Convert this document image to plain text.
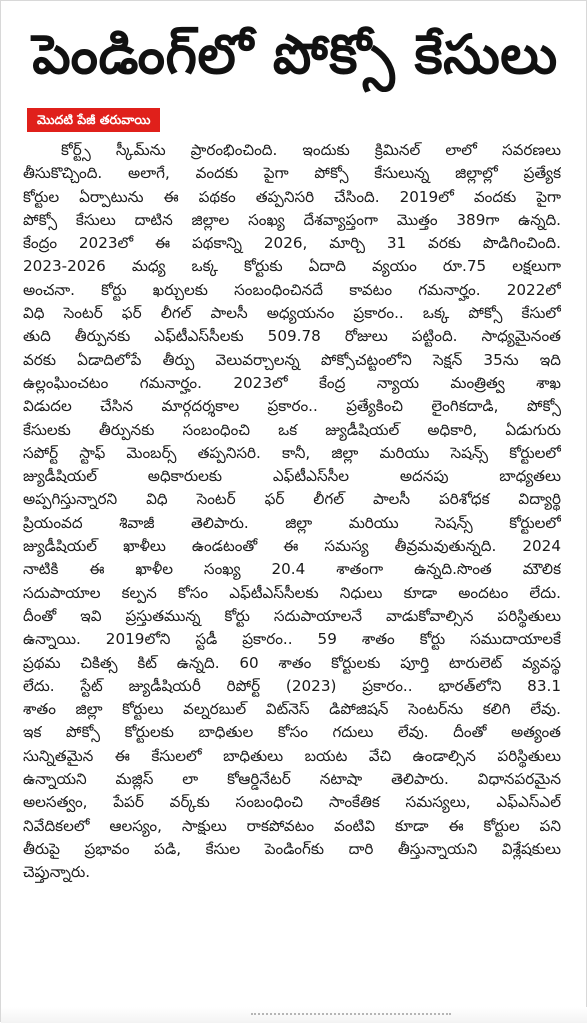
పెండింగ్‌లో పోక్సో కేసులు
మొదటి పేజీ తరువాయి
కోర్ట్స్ స్కీమ్‌ను ప్రారంభించింది. ఇందుకు క్రిమినల్ లాలో సవరణలు
తీసుకొచ్చింది. అలాగే, వందకు పైగా పోక్సో కేసులున్న జిల్లాల్లో ప్రత్యేక
కోర్టుల ఏర్పాటును ఈ పథకం తప్పనిసరి చేసింది. 2019లో వందకు పైగా
పోక్సో కేసులు దాటిన జిల్లాల సంఖ్య దేశవ్యాప్తంగా మొత్తం 389గా ఉన్నది.
కేంద్రం 2023లో ఈ పథకాన్ని 2026, మార్చి 31 వరకు పొడిగించింది.
2023-2026 మధ్య ఒక్క కోర్టుకు ఏదాది వ్యయం రూ.75 లక్షలుగా
అంచనా. కోర్టు ఖర్చులకు సంబంధించినదే కావటం గమనార్హం. 2022లో
విధి సెంటర్ ఫర్ లీగల్ పాలసీ అధ్యయనం ప్రకారం.. ఒక్క పోక్సో కేసులో
తుది తీర్పునకు ఎఫ్‌టీఎస్‌సీలకు 509.78 రోజులు పట్టింది. సాధ్యమైనంత
వరకు ఏడాదిలోపే తీర్పు వెలువర్చాలన్న పోక్సోచట్టంలోని సెక్షన్ 35ను ఇది
ఉల్లంఘించటం గమనార్హం. 2023లో కేంద్ర న్యాయ మంత్రిత్వ శాఖ
విడుదల చేసిన మార్గదర్శకాల ప్రకారం.. ప్రత్యేకించి లైంగికదాడి, పోక్సో
కేసులకు తీర్పునకు సంబంధించి ఒక జ్యుడీషియల్ అధికారి, ఏడుగురు
సపోర్ట్ స్టాఫ్ మెంబర్స్ తప్పనిసరి. కానీ, జిల్లా మరియు సెషన్స్ కోర్టులలో
జ్యుడీషియల్ అధికారులకు ఎఫ్‌టీఎస్‌సీల అదనపు బాధ్యతలు
అప్పగిస్తున్నారని విధి సెంటర్ ఫర్ లీగల్ పాలసీ పరిశోధక విద్యార్థి
ప్రియంవద శివాజీ తెలిపారు. జిల్లా మరియు సెషన్స్ కోర్టులలో
జ్యుడీషియల్ ఖాళీలు ఉండటంతో ఈ సమస్య తీవ్రమవుతున్నది. 2024
నాటికి ఈ ఖాళీల సంఖ్య 20.4 శాతంగా ఉన్నది.సొంత మౌలిక
సదుపాయాల కల్పన కోసం ఎఫ్‌టీఎస్‌సీలకు నిధులు కూడా అందటం లేదు.
దీంతో ఇవి ప్రస్తుతమున్న కోర్టు సదుపాయాలనే వాడుకోవాల్సిన పరిస్థితులు
ఉన్నాయి. 2019లోని స్టడీ ప్రకారం.. 59 శాతం కోర్టు సముదాయాలకే
ప్రథమ చికిత్స కిట్ ఉన్నది. 60 శాతం కోర్టులకు పూర్తి టారులెట్ వ్యవస్థ
లేదు. స్టేట్ జ్యుడీషియరీ రిపోర్ట్ (2023) ప్రకారం.. భారత్‌లోని 83.1
శాతం జిల్లా కోర్టులు వల్నరబుల్ విట్‌నెస్ డిపోజిషన్ సెంటర్‌ను కలిగి లేవు.
ఇక పోక్సో కోర్టులకు బాధితుల కోసం గదులు లేవు. దీంతో అత్యంత
సున్నితమైన ఈ కేసులలో బాధితులు బయట వేచి ఉండాల్సిన పరిస్థితులు
ఉన్నాయని మజ్లిస్ లా కోఆర్డినేటర్ నటాషా తెలిపారు. విధానపరమైన
అలసత్వం, పేపర్ వర్క్‌కు సంబంధించి సాంకేతిక సమస్యలు, ఎఫ్ఎస్ఎల్
నివేదికలలో ఆలస్యం, సాక్షులు రాకపోవటం వంటివి కూడా ఈ కోర్టుల పని
తీరుపై ప్రభావం పడి, కేసుల పెండింగ్‌కు దారి తీస్తున్నాయని విశ్లేషకులు
చెప్తున్నారు.
